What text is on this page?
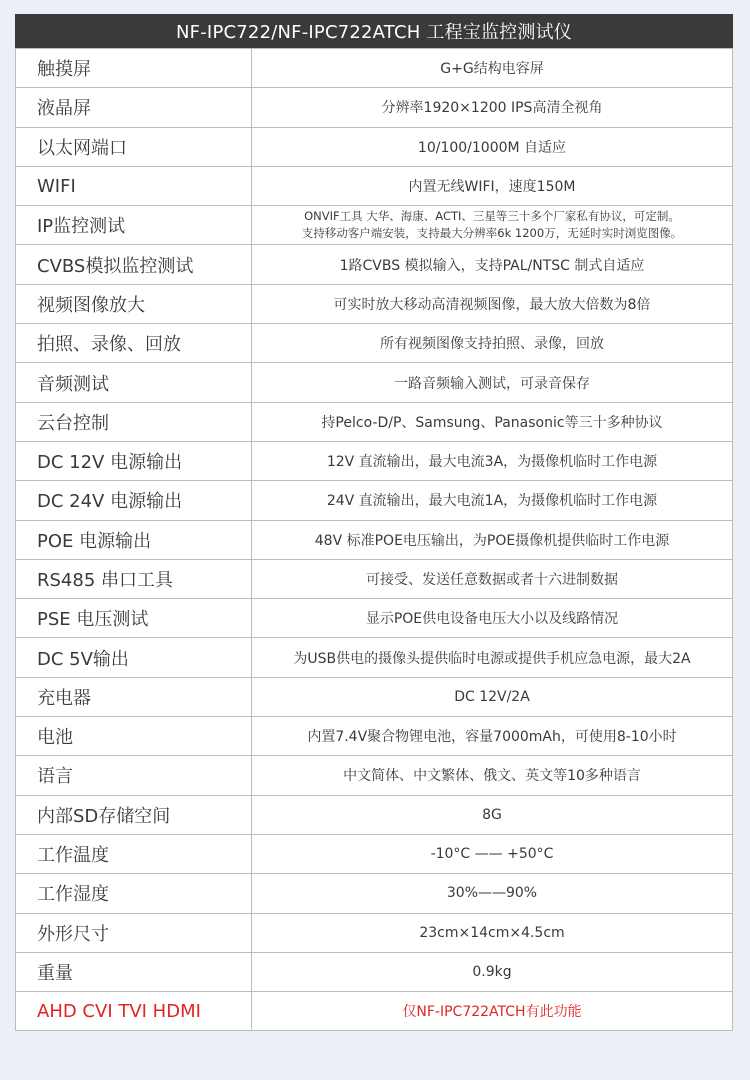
NF-IPC722/NF-IPC722ATCH 工程宝监控测试仪
触摸屏	G+G结构电容屏
液晶屏	分辨率1920×1200 IPS高清全视角
以太网端口	10/100/1000M 自适应
WIFI	内置无线WIFI，速度150M
IP监控测试	ONVIF工具 大华、海康、ACTI、三星等三十多个厂家私有协议，可定制。
支持移动客户端安装，支持最大分辨率6k 1200万，无延时实时浏览图像。

CVBS模拟监控测试	1路CVBS 模拟输入，支持PAL/NTSC 制式自适应
视频图像放大	可实时放大移动高清视频图像，最大放大倍数为8倍
拍照、录像、回放	所有视频图像支持拍照、录像，回放
音频测试	一路音频输入测试，可录音保存
云台控制	持Pelco-D/P、Samsung、Panasonic等三十多种协议
DC 12V 电源输出	12V 直流输出，最大电流3A，为摄像机临时工作电源
DC 24V 电源输出	24V 直流输出，最大电流1A，为摄像机临时工作电源
POE 电源输出	48V 标准POE电压输出，为POE摄像机提供临时工作电源
RS485 串口工具	可接受、发送任意数据或者十六进制数据
PSE 电压测试	显示POE供电设备电压大小以及线路情况
DC 5V输出	为USB供电的摄像头提供临时电源或提供手机应急电源，最大2A
充电器	DC 12V/2A
电池	内置7.4V聚合物锂电池，容量7000mAh，可使用8-10小时
语言	中文简体、中文繁体、俄文、英文等10多种语言
内部SD存储空间	8G
工作温度	-10°C —— +50°C
工作湿度	30%——90%
外形尺寸	23cm×14cm×4.5cm
重量	0.9kg
AHD CVI TVI HDMI	仅NF-IPC722ATCH有此功能
